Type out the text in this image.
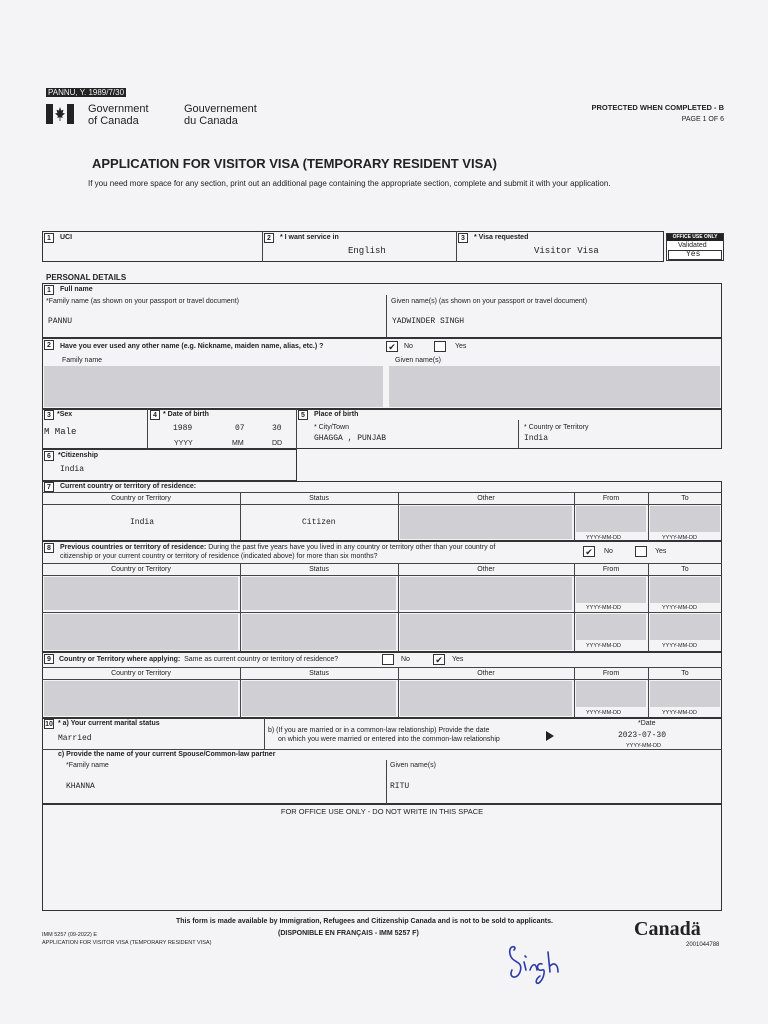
PANNU, Y. 1989/7/30
Government
of Canada
Gouvernement
du Canada
PROTECTED WHEN COMPLETED - B
PAGE 1 OF 6
APPLICATION FOR VISITOR VISA (TEMPORARY RESIDENT VISA)
If you need more space for any section, print out an additional page containing the appropriate section, complete and submit it with your application.
1	UCI	2	* I want service in
English
3	* Visa requested
Visitor Visa
OFFICE USE ONLY
Validated
Yes
PERSONAL DETAILS
1	Full name
*Family name (as shown on your passport or travel document)	Given name(s) (as shown on your passport or travel document)
PANNU	YADWINDER SINGH
2	Have you ever used any other name (e.g. Nickname, maiden name, alias, etc.) ?	✔	No	Yes
Family name	Given name(s)
3 *Sex
M Male
4 * Date of birth
1989	07	30
YYYY	MM	DD
5	Place of birth
* City/Town
GHAGGA , PUNJAB
* Country or Territory
India
6	*Citizenship
India
7	Current country or territory of residence:
Country or Territory	Status	Other	From	To
India	Citizen
YYYY-MM-DD	YYYY-MM-DD
8	Previous countries or territory of residence: During the past five years have you lived in any country or territory other than your country of
citizenship or your current country or territory of residence (indicated above) for more than six months?	✔	No	Yes
Country or Territory	Status	Other	From	To
YYYY-MM-DD	YYYY-MM-DD
YYYY-MM-DD	YYYY-MM-DD
9	Country or Territory where applying: Same as current country or territory of residence?	No	✔	Yes
Country or Territory	Status	Other	From	To
YYYY-MM-DD	YYYY-MM-DD
10 * a) Your current marital status
Married
b) (If you are married or in a common-law relationship) Provide the date
on which you were married or entered into the common-law relationship
*Date
2023-07-30
YYYY-MM-DD
c) Provide the name of your current Spouse/Common-law partner
*Family name	Given name(s)
KHANNA	RITU
FOR OFFICE USE ONLY - DO NOT WRITE IN THIS SPACE
This form is made available by Immigration, Refugees and Citizenship Canada and is not to be sold to applicants.
(DISPONIBLE EN FRANÇAIS - IMM 5257 F)
IMM 5257 (09-2022) E
APPLICATION FOR VISITOR VISA (TEMPORARY RESIDENT VISA)
Canadä
2001044788
Singh
